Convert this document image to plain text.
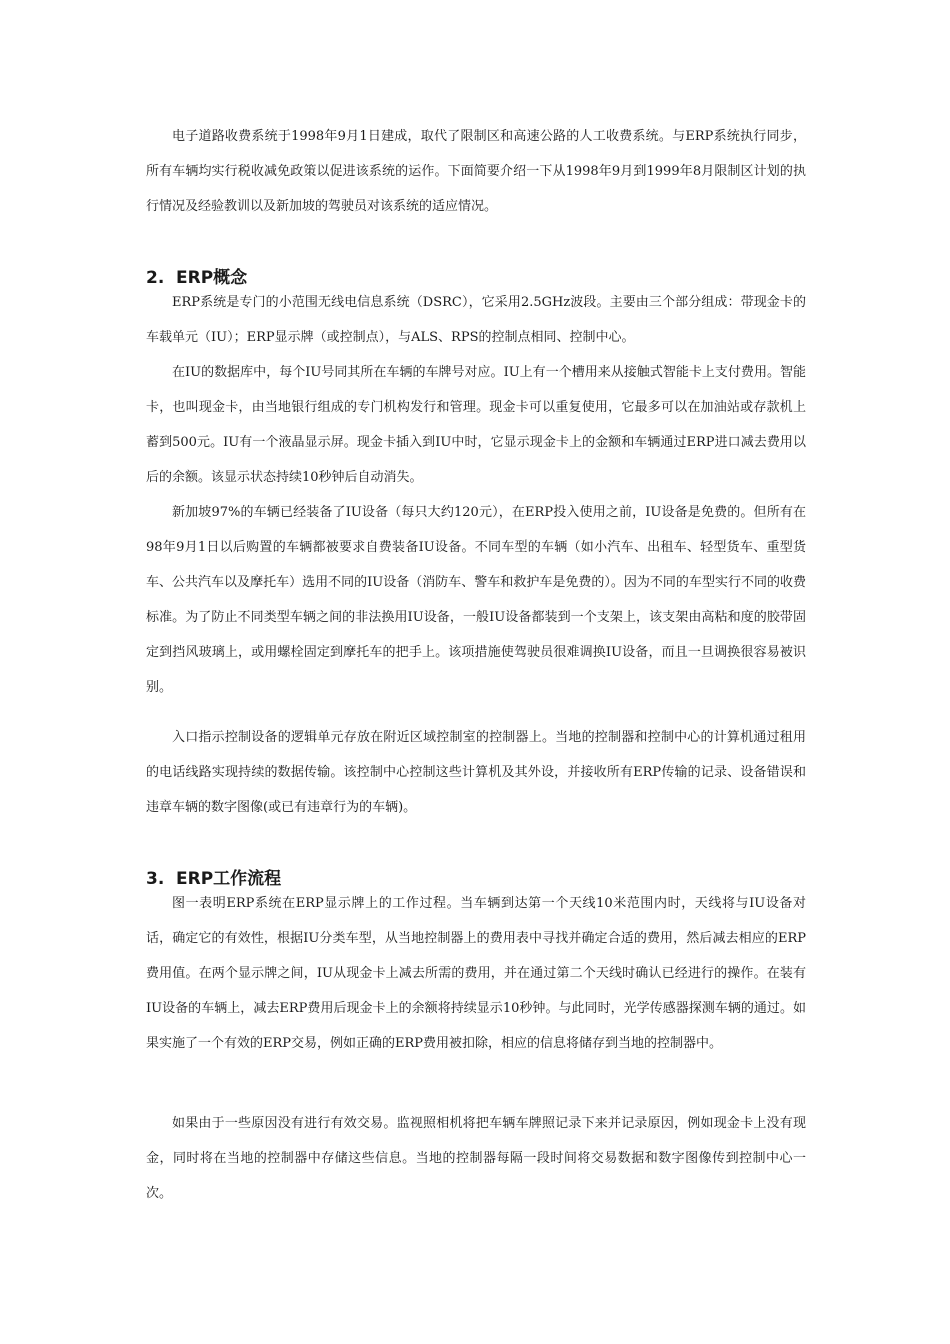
电子道路收费系统于1998年9月1日建成，取代了限制区和高速公路的人工收费系统。与ERP系统执行同步，所有车辆均实行税收减免政策以促进该系统的运作。下面简要介绍一下从1998年9月到1999年8月限制区计划的执行情况及经验教训以及新加坡的驾驶员对该系统的适应情况。

2. ERP概念

ERP系统是专门的小范围无线电信息系统（DSRC），它采用2.5GHz波段。主要由三个部分组成：带现金卡的车载单元（IU）；ERP显示牌（或控制点），与ALS、RPS的控制点相同、控制中心。

在IU的数据库中，每个IU号同其所在车辆的车牌号对应。IU上有一个槽用来从接触式智能卡上支付费用。智能卡，也叫现金卡，由当地银行组成的专门机构发行和管理。现金卡可以重复使用，它最多可以在加油站或存款机上蓄到500元。IU有一个液晶显示屏。现金卡插入到IU中时，它显示现金卡上的金额和车辆通过ERP进口减去费用以后的余额。该显示状态持续10秒钟后自动消失。

新加坡97%的车辆已经装备了IU设备（每只大约120元），在ERP投入使用之前，IU设备是免费的。但所有在98年9月1日以后购置的车辆都被要求自费装备IU设备。不同车型的车辆（如小汽车、出租车、轻型货车、重型货车、公共汽车以及摩托车）选用不同的IU设备（消防车、警车和救护车是免费的）。因为不同的车型实行不同的收费标准。为了防止不同类型车辆之间的非法换用IU设备，一般IU设备都装到一个支架上，该支架由高粘和度的胶带固定到挡风玻璃上，或用螺栓固定到摩托车的把手上。该项措施使驾驶员很难调换IU设备，而且一旦调换很容易被识别。

入口指示控制设备的逻辑单元存放在附近区域控制室的控制器上。当地的控制器和控制中心的计算机通过租用的电话线路实现持续的数据传输。该控制中心控制这些计算机及其外设，并接收所有ERP传输的记录、设备错误和违章车辆的数字图像(或已有违章行为的车辆)。

3. ERP工作流程

图一表明ERP系统在ERP显示牌上的工作过程。当车辆到达第一个天线10米范围内时，天线将与IU设备对话，确定它的有效性，根据IU分类车型，从当地控制器上的费用表中寻找并确定合适的费用，然后减去相应的ERP费用值。在两个显示牌之间，IU从现金卡上减去所需的费用，并在通过第二个天线时确认已经进行的操作。在装有IU设备的车辆上，减去ERP费用后现金卡上的余额将持续显示10秒钟。与此同时，光学传感器探测车辆的通过。如果实施了一个有效的ERP交易，例如正确的ERP费用被扣除，相应的信息将储存到当地的控制器中。

如果由于一些原因没有进行有效交易。监视照相机将把车辆车牌照记录下来并记录原因，例如现金卡上没有现金，同时将在当地的控制器中存储这些信息。当地的控制器每隔一段时间将交易数据和数字图像传到控制中心一次。
